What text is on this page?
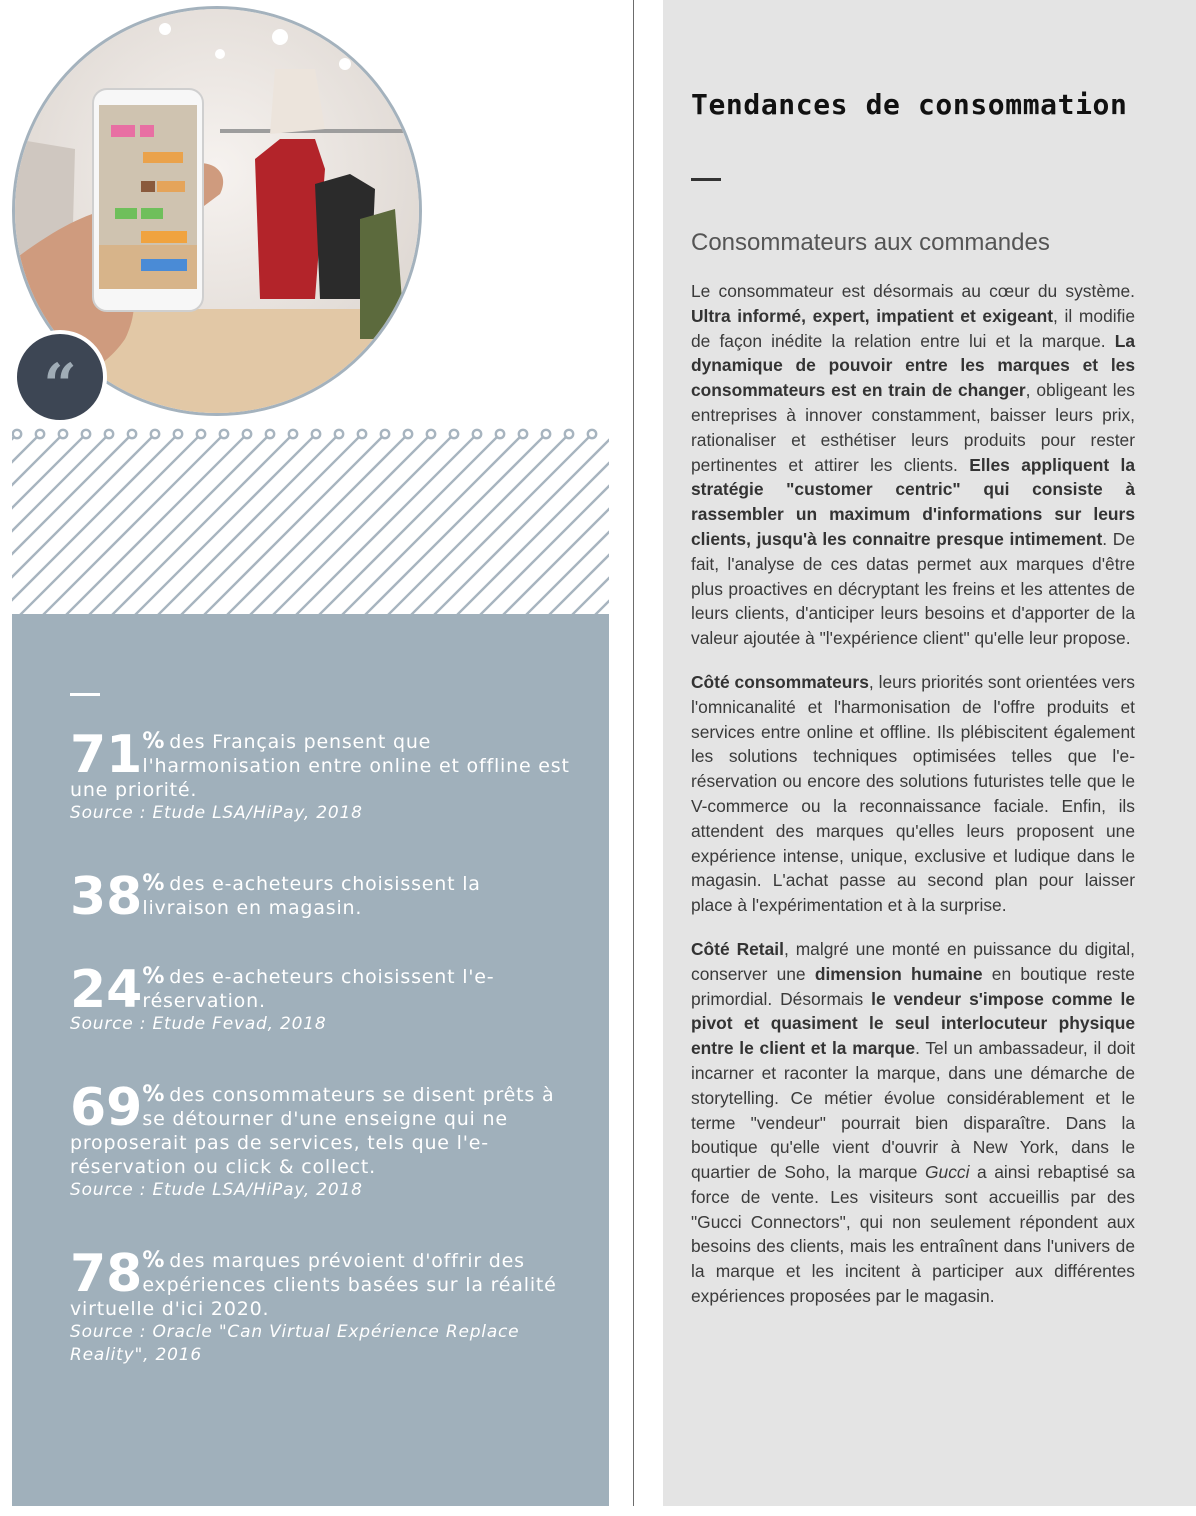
“
71 % des Français pensent que l'harmonisation entre online et offline est une priorité.
Source : Etude LSA/HiPay, 2018
38 % des e-acheteurs choisissent la livraison en magasin.
24 % des e-acheteurs choisissent l'e-réservation.
Source : Etude Fevad, 2018
69 % des consommateurs se disent prêts à se détourner d'une enseigne qui ne proposerait pas de services, tels que l'e-réservation ou click & collect.
Source : Etude LSA/HiPay, 2018
78 % des marques prévoient d'offrir des expériences clients basées sur la réalité virtuelle d'ici 2020.
Source : Oracle "Can Virtual Expérience Replace Reality", 2016
Tendances de consommation
Consommateurs aux commandes

Le consommateur est désormais au cœur du système. Ultra informé, expert, impatient et exigeant, il modifie de façon inédite la relation entre lui et la marque. La dynamique de pouvoir entre les marques et les consommateurs est en train de changer, obligeant les entreprises à innover constamment, baisser leurs prix, rationaliser et esthétiser leurs produits pour rester pertinentes et attirer les clients. Elles appliquent la stratégie "customer centric" qui consiste à rassembler un maximum d'informations sur leurs clients, jusqu'à les connaitre presque intimement. De fait, l'analyse de ces datas permet aux marques d'être plus proactives en décryptant les freins et les attentes de leurs clients, d'anticiper leurs besoins et d'apporter de la valeur ajoutée à "l'expérience client" qu'elle leur propose.

Côté consommateurs, leurs priorités sont orientées vers l'omnicanalité et l'harmonisation de l'offre produits et services entre online et offline. Ils plébiscitent également les solutions techniques optimisées telles que l'e-réservation ou encore des solutions futuristes telle que le V-commerce ou la reconnaissance faciale. Enfin, ils attendent des marques qu'elles leurs proposent une expérience intense, unique, exclusive et ludique dans le magasin. L'achat passe au second plan pour laisser place à l'expérimentation et à la surprise.

Côté Retail, malgré une monté en puissance du digital, conserver une dimension humaine en boutique reste primordial. Désormais le vendeur s'impose comme le pivot et quasiment le seul interlocuteur physique entre le client et la marque. Tel un ambassadeur, il doit incarner et raconter la marque, dans une démarche de storytelling. Ce métier évolue considérablement et le terme "vendeur" pourrait bien disparaître. Dans la boutique qu'elle vient d'ouvrir à New York, dans le quartier de Soho, la marque Gucci a ainsi rebaptisé sa force de vente. Les visiteurs sont accueillis par des "Gucci Connectors", qui non seulement répondent aux besoins des clients, mais les entraînent dans l'univers de la marque et les incitent à participer aux différentes expériences proposées par le magasin.
